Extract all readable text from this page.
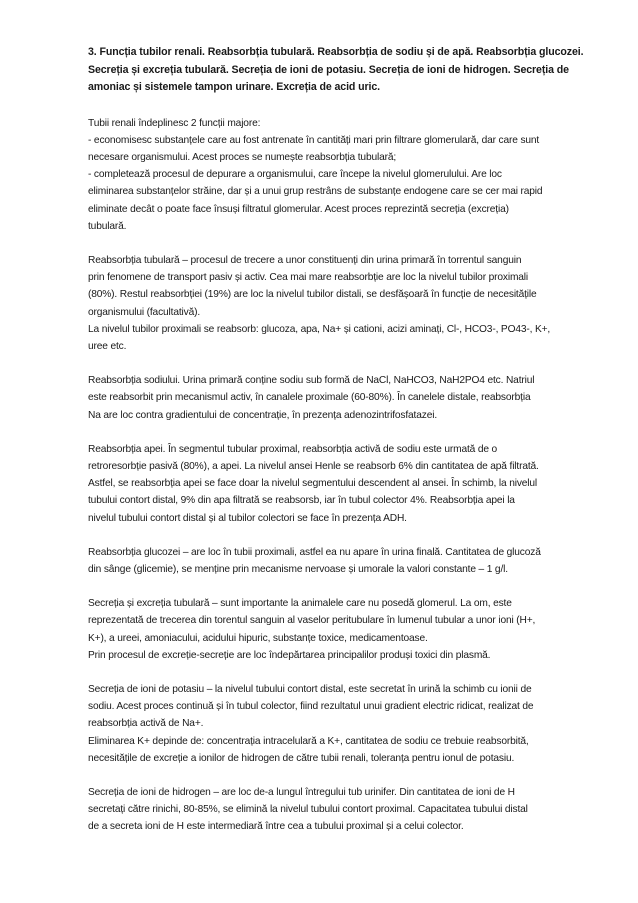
3. Funcția tubilor renali. Reabsorbția tubulară. Reabsorbția de sodiu și de apă. Reabsorbția glucozei.
Secreția și excreția tubulară. Secreția de ioni de potasiu. Secreția de ioni de hidrogen. Secreția de
amoniac și sistemele tampon urinare. Excreția de acid uric.
Tubii renali îndeplinesc 2 funcții majore:
- economisesc substanțele care au fost antrenate în cantități mari prin filtrare glomerulară, dar care sunt
necesare organismului. Acest proces se numește reabsorbția tubulară;
- completează procesul de depurare a organismului, care începe la nivelul glomerulului. Are loc
eliminarea substanțelor străine, dar și a unui grup restrâns de substanțe endogene care se cer mai rapid
eliminate decât o poate face însuși filtratul glomerular. Acest proces reprezintă secreția (excreția)
tubulară.
Reabsorbția tubulară – procesul de trecere a unor constituenți din urina primară în torrentul sanguin
prin fenomene de transport pasiv și activ. Cea mai mare reabsorbție are loc la nivelul tubilor proximali
(80%). Restul reabsorbției (19%) are loc la nivelul tubilor distali, se desfășoară în funcție de necesitățile
organismului (facultativă).
La nivelul tubilor proximali se reabsorb: glucoza, apa, Na+ și cationi, acizi aminați, Cl-, HCO3-, PO43-, K+,
uree etc.
Reabsorbția sodiului. Urina primară conține sodiu sub formă de NaCl, NaHCO3, NaH2PO4 etc. Natriul
este reabsorbit prin mecanismul activ, în canalele proximale (60-80%). În canelele distale, reabsorbția
Na are loc contra gradientului de concentrație, în prezența adenozintrifosfatazei.
Reabsorbția apei. În segmentul tubular proximal, reabsorbția activă de sodiu este urmată de o
retroresorbție pasivă (80%), a apei. La nivelul ansei Henle se reabsorb 6% din cantitatea de apă filtrată.
Astfel, se reabsorbția apei se face doar la nivelul segmentului descendent al ansei. În schimb, la nivelul
tubului contort distal, 9% din apa filtrată se reabsorsb, iar în tubul colector 4%. Reabsorbția apei la
nivelul tubului contort distal și al tubilor colectori se face în prezența ADH.
Reabsorbția glucozei – are loc în tubii proximali, astfel ea nu apare în urina finală. Cantitatea de glucoză
din sânge (glicemie), se menține prin mecanisme nervoase și umorale la valori constante – 1 g/l.
Secreția și excreția tubulară – sunt importante la animalele care nu posedă glomerul. La om, este
reprezentată de trecerea din torentul sanguin al vaselor peritubulare în lumenul tubular a unor ioni (H+,
K+), a ureei, amoniacului, acidului hipuric, substanțe toxice, medicamentoase.
Prin procesul de excreție-secreție are loc îndepărtarea principalilor produși toxici din plasmă.
Secreția de ioni de potasiu – la nivelul tubului contort distal, este secretat în urină la schimb cu ionii de
sodiu. Acest proces continuă și în tubul colector, fiind rezultatul unui gradient electric ridicat, realizat de
reabsorbția activă de Na+.
Eliminarea K+ depinde de: concentrația intracelulară a K+, cantitatea de sodiu ce trebuie reabsorbită,
necesitățile de excreție a ionilor de hidrogen de către tubii renali, toleranța pentru ionul de potasiu.
Secreția de ioni de hidrogen – are loc de-a lungul întregului tub urinifer. Din cantitatea de ioni de H
secretați către rinichi, 80-85%, se elimină la nivelul tubului contort proximal. Capacitatea tubului distal
de a secreta ioni de H este intermediară între cea a tubului proximal și a celui colector.
